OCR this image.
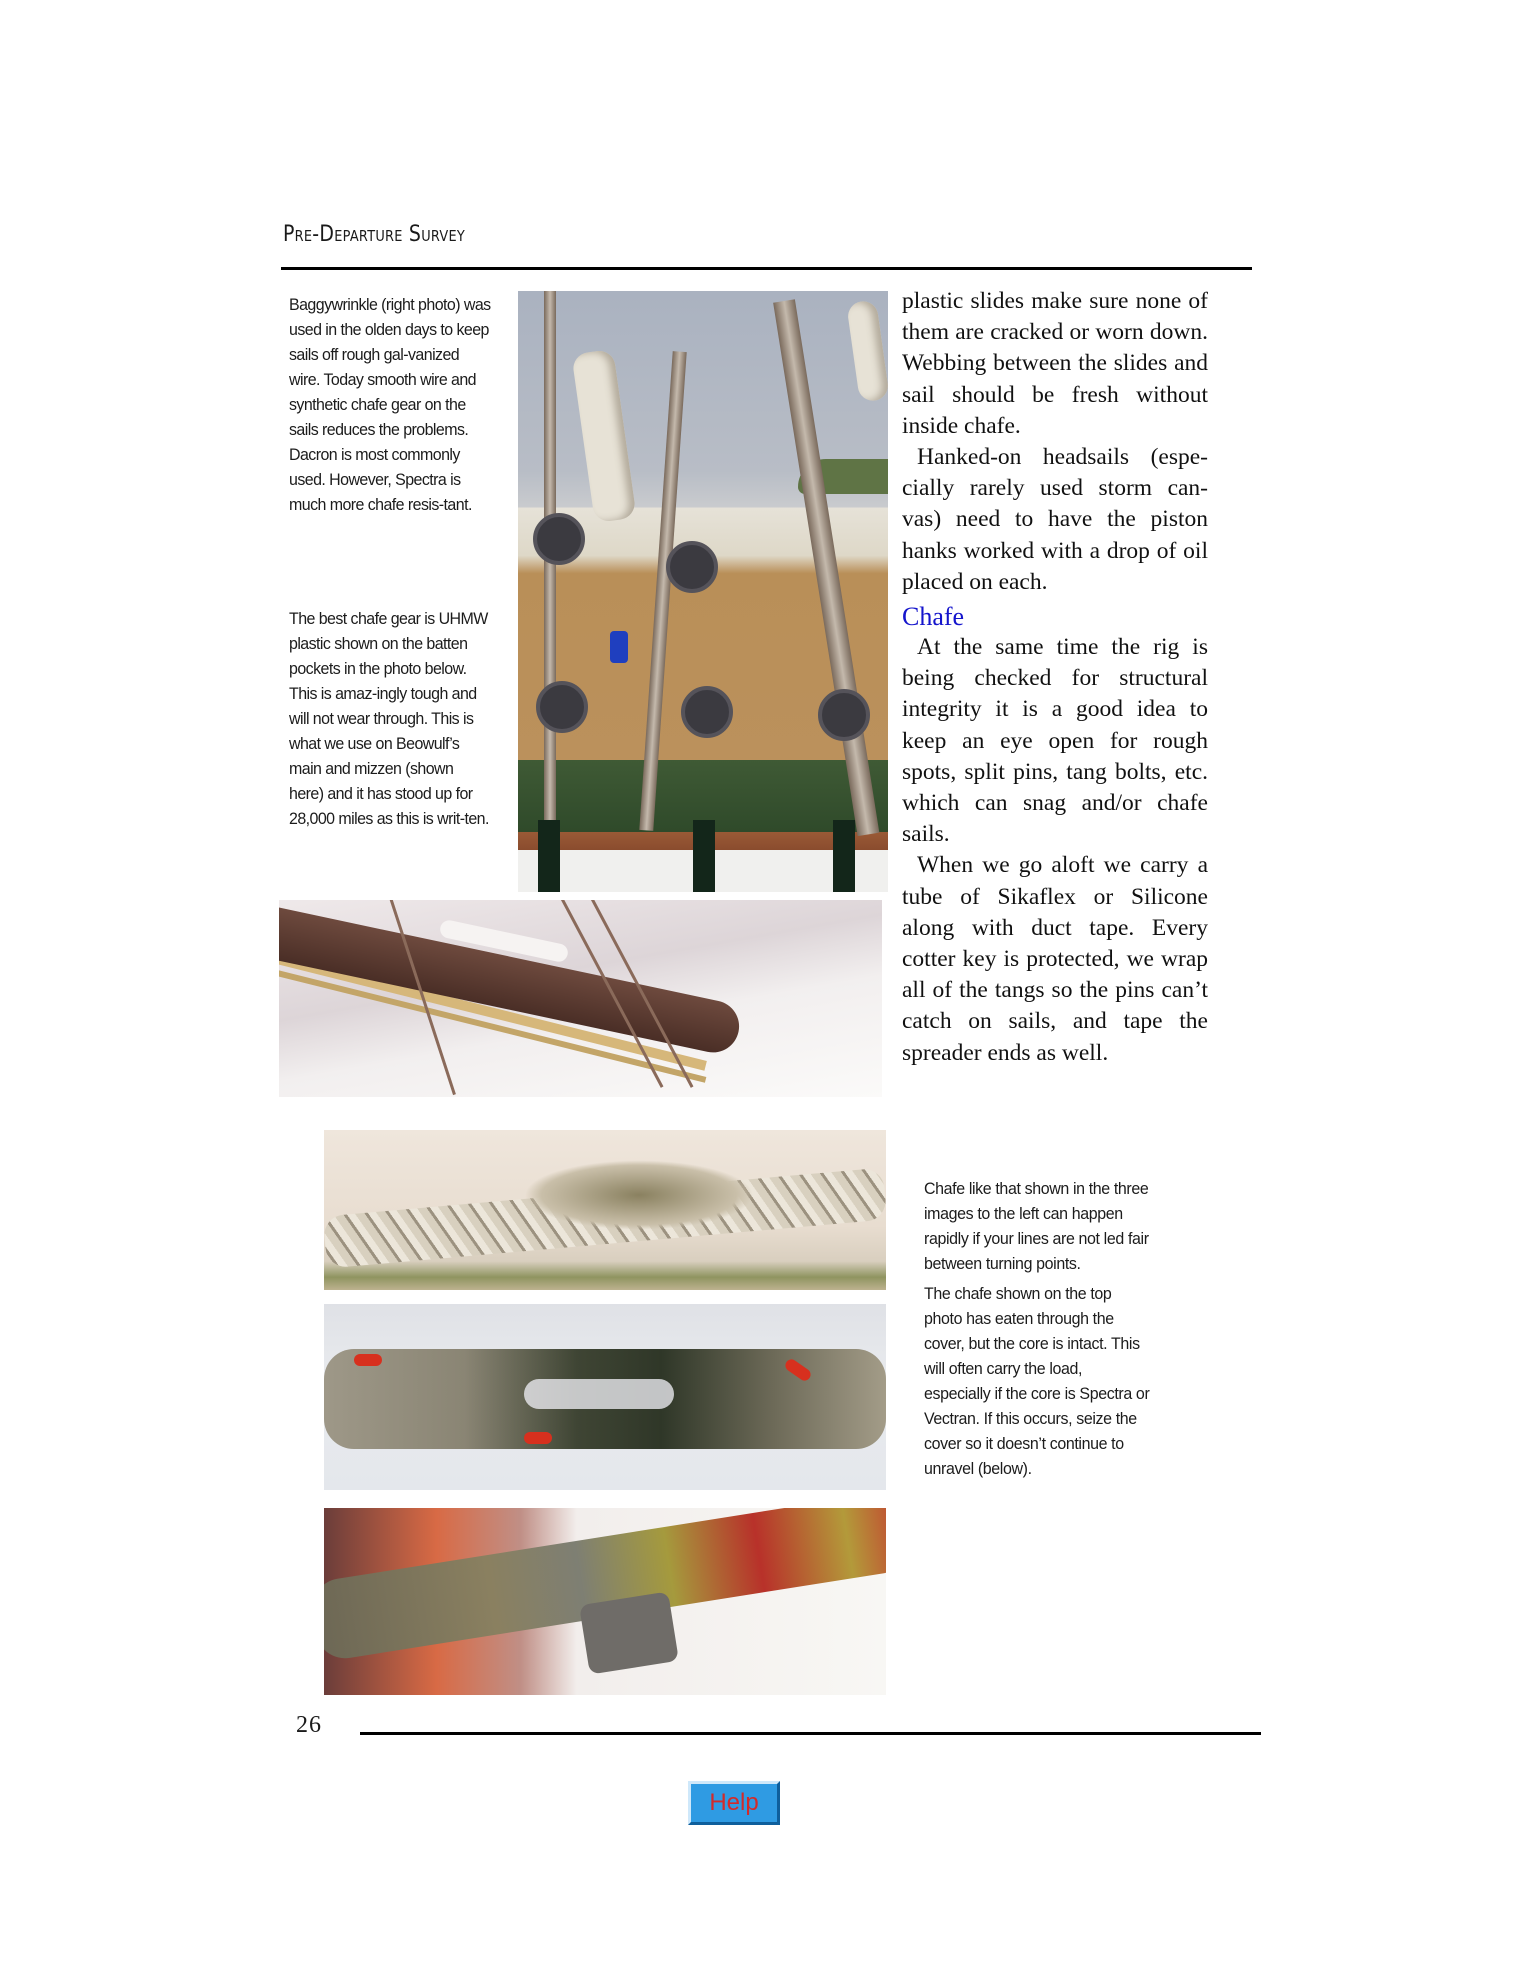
Pre-Departure Survey
Baggywrinkle (right photo) was used in the olden days to keep sails off rough gal-vanized wire. Today smooth wire and synthetic chafe gear on the sails reduces the problems. Dacron is most commonly used. However, Spectra is much more chafe resis-tant.
The best chafe gear is UHMW plastic shown on the batten pockets in the photo below. This is amaz-ingly tough and will not wear through. This is what we use on Beowulf’s main and mizzen (shown here) and it has stood up for 28,000 miles as this is writ-ten.

plastic slides make sure none of them are cracked or worn down. Webbing between the slides and sail should be fresh without inside chafe.

Hanked-on headsails (espe-cially rarely used storm can-vas) need to have the piston hanks worked with a drop of oil placed on each.

Chafe

At the same time the rig is being checked for structural integrity it is a good idea to keep an eye open for rough spots, split pins, tang bolts, etc. which can snag and/or chafe sails.

When we go aloft we carry a tube of Sikaflex or Silicone along with duct tape. Every cotter key is protected, we wrap all of the tangs so the pins can’t catch on sails, and tape the spreader ends as well.

Chafe like that shown in the three images to the left can happen rapidly if your lines are not led fair between turning points.

The chafe shown on the top photo has eaten through the cover, but the core is intact. This will often carry the load, especially if the core is Spectra or Vectran. If this occurs, seize the cover so it doesn’t continue to unravel (below).

26
Help
